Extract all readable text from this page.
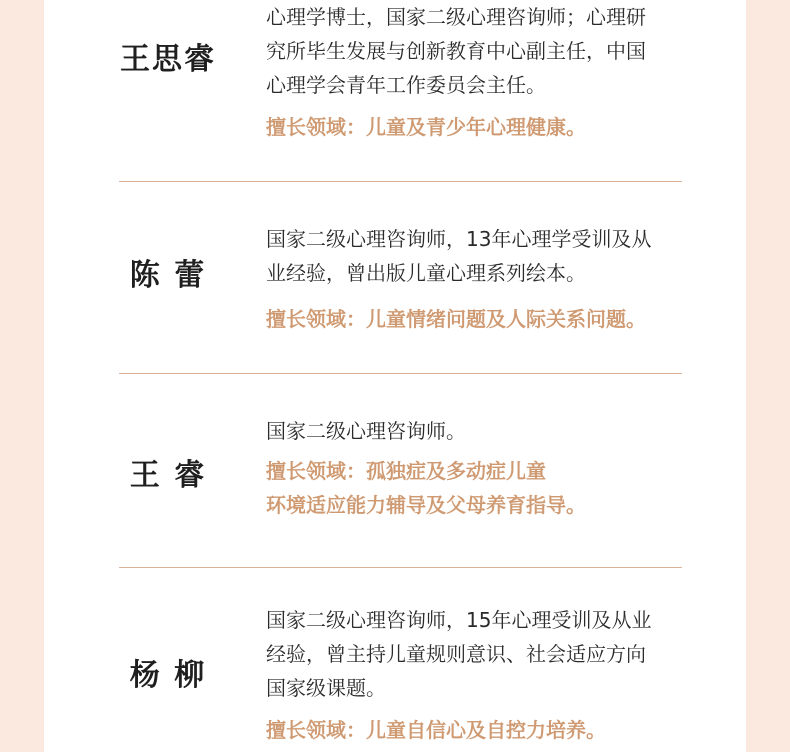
王思睿

心理学博士，国家二级心理咨询师；心理研

究所毕生发展与创新教育中心副主任，中国

心理学会青年工作委员会主任。

擅长领域：儿童及青少年心理健康。

陈 蕾

国家二级心理咨询师，13年心理学受训及从

业经验，曾出版儿童心理系列绘本。

擅长领域：儿童情绪问题及人际关系问题。

王 睿

国家二级心理咨询师。

擅长领域：孤独症及多动症儿童

环境适应能力辅导及父母养育指导。

杨 柳

国家二级心理咨询师，15年心理受训及从业

经验，曾主持儿童规则意识、社会适应方向

国家级课题。

擅长领域：儿童自信心及自控力培养。
